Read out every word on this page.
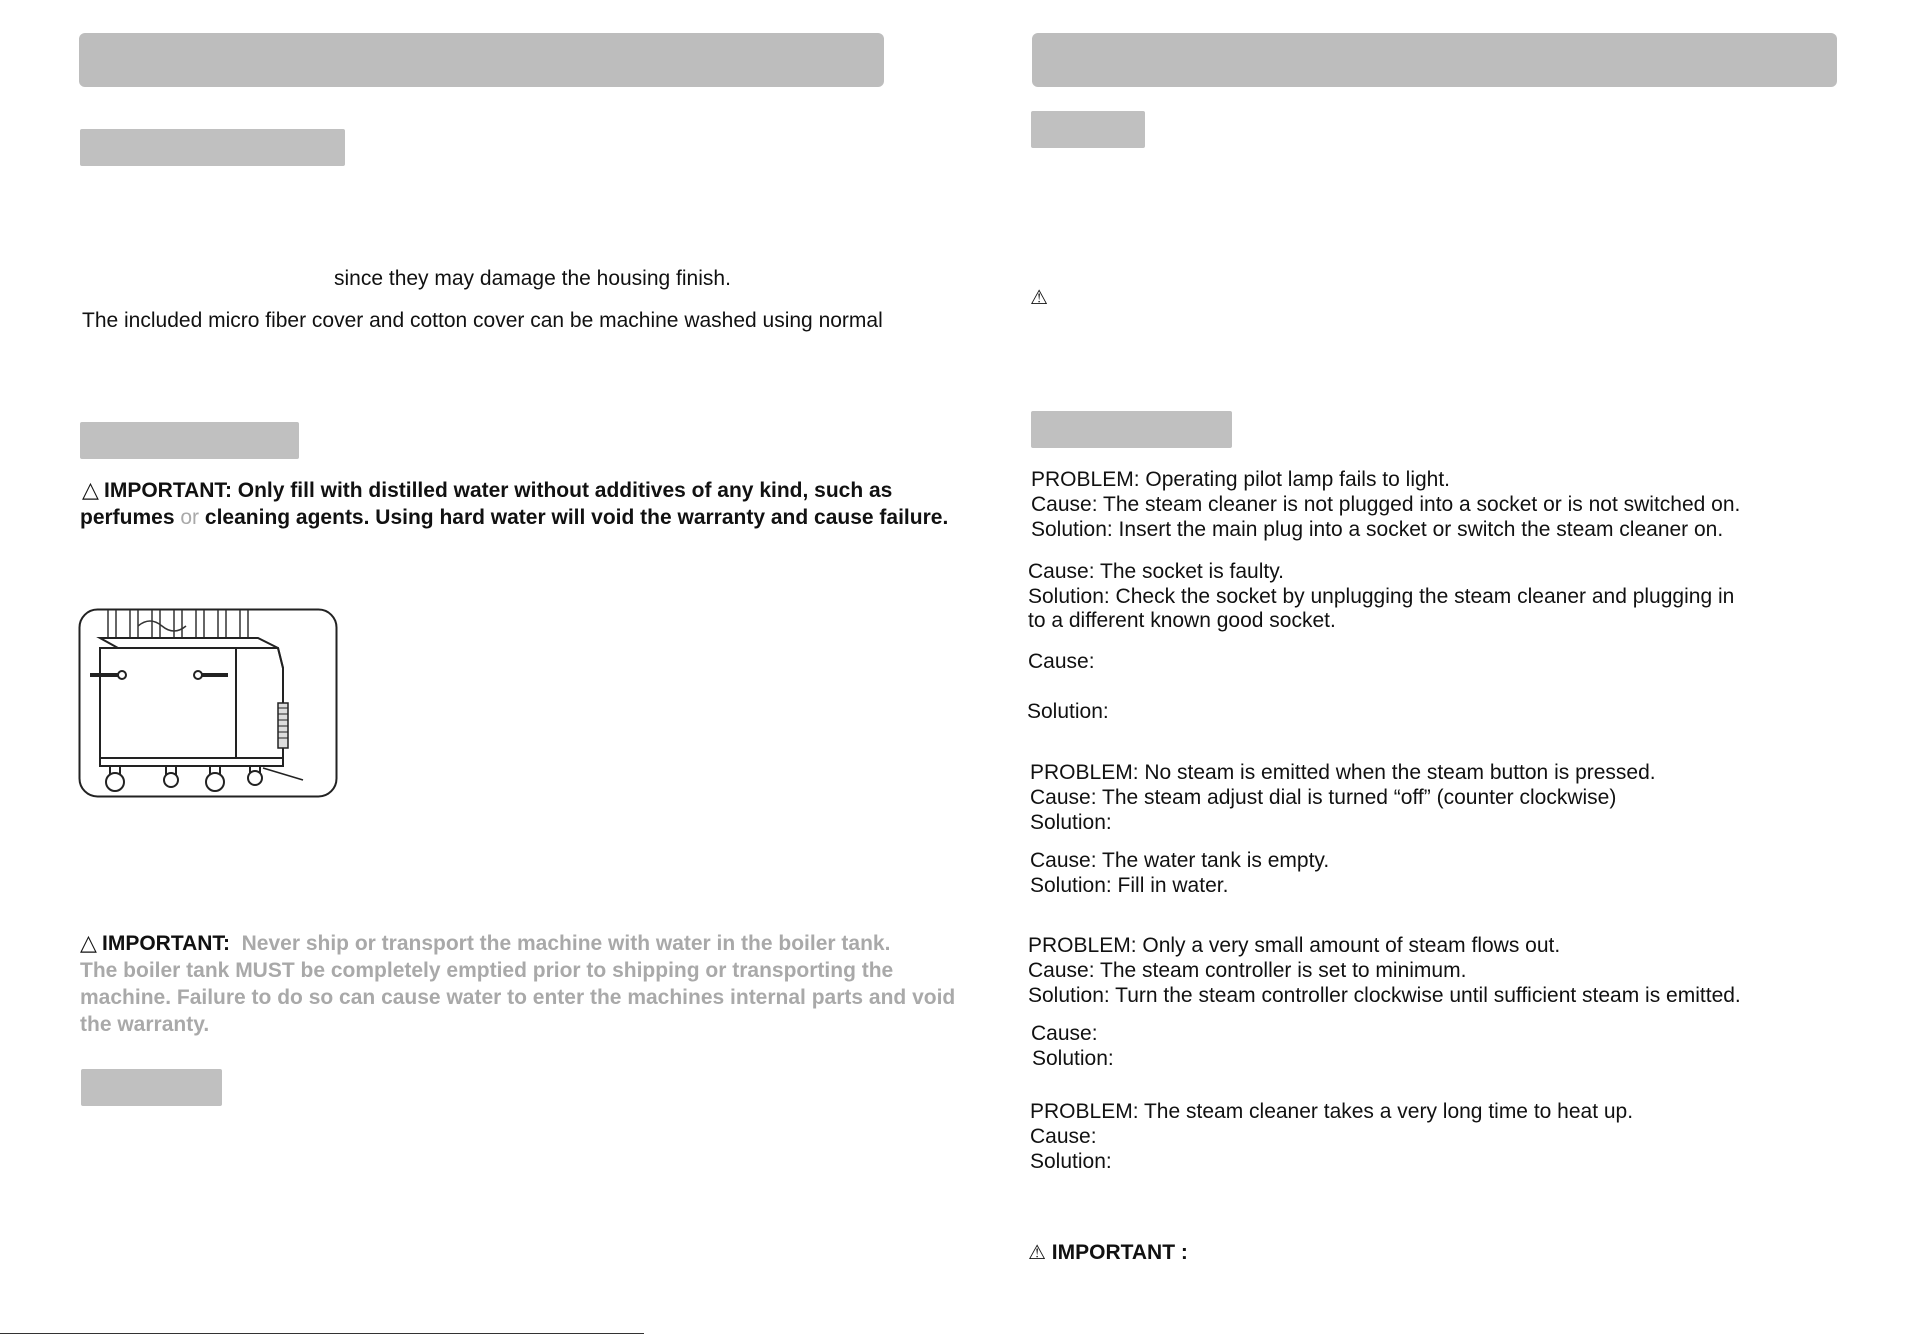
since they may damage the housing finish.
The included micro fiber cover and cotton cover can be machine washed using normal
△ IMPORTANT: Only fill with distilled water without additives of any kind, such as
perfumes or cleaning agents. Using hard water will void the warranty and cause failure.
△ IMPORTANT:  Never ship or transport the machine with water in the boiler tank.
The boiler tank MUST be completely emptied prior to shipping or transporting the
machine. Failure to do so can cause water to enter the machines internal parts and void
the warranty.
⚠
PROBLEM: Operating pilot lamp fails to light.
Cause: The steam cleaner is not plugged into a socket or is not switched on.
Solution: Insert the main plug into a socket or switch the steam cleaner on.
Cause: The socket is faulty.
Solution: Check the socket by unplugging the steam cleaner and plugging in
to a different known good socket.
Cause:
Solution:
PROBLEM: No steam is emitted when the steam button is pressed.
Cause: The steam adjust dial is turned “off” (counter clockwise)
Solution:
Cause: The water tank is empty.
Solution: Fill in water.
PROBLEM: Only a very small amount of steam flows out.
Cause: The steam controller is set to minimum.
Solution: Turn the steam controller clockwise until sufficient steam is emitted.
Cause:
Solution:
PROBLEM: The steam cleaner takes a very long time to heat up.
Cause:
Solution:
⚠ IMPORTANT :
